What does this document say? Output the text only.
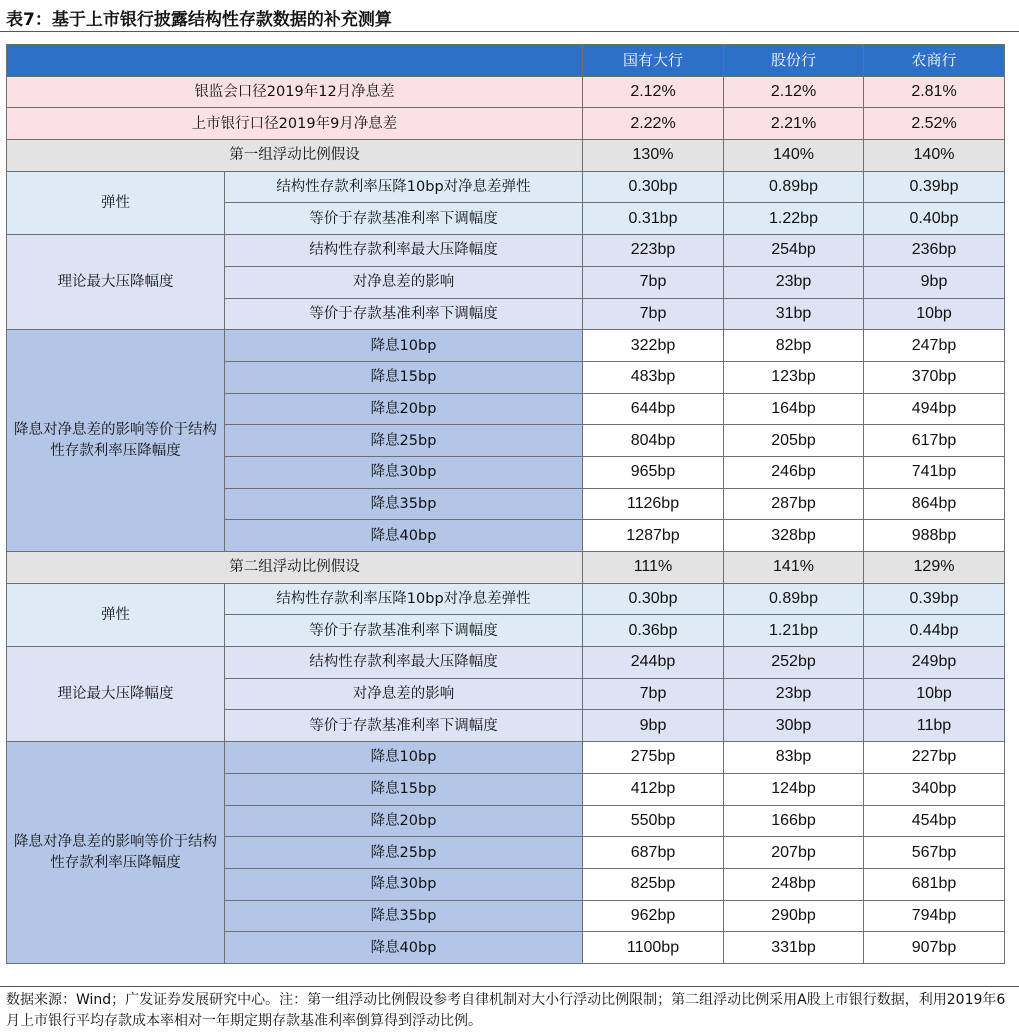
表7：基于上市银行披露结构性存款数据的补充测算
		国有大行	股份行	农商行
银监会口径2019年12月净息差		2.12%	2.12%	2.81%
上市银行口径2019年9月净息差		2.22%	2.21%	2.52%
第一组浮动比例假设		130%	140%	140%
弹性	结构性存款利率压降10bp对净息差弹性	0.30bp	0.89bp	0.39bp
	等价于存款基准利率下调幅度	0.31bp	1.22bp	0.40bp
理论最大压降幅度	结构性存款利率最大压降幅度	223bp	254bp	236bp
	对净息差的影响	7bp	23bp	9bp
	等价于存款基准利率下调幅度	7bp	31bp	10bp
降息对净息差的影响等价于结构性存款利率压降幅度	降息10bp	322bp	82bp	247bp
	降息15bp	483bp	123bp	370bp
	降息20bp	644bp	164bp	494bp
	降息25bp	804bp	205bp	617bp
	降息30bp	965bp	246bp	741bp
	降息35bp	1126bp	287bp	864bp
	降息40bp	1287bp	328bp	988bp
第二组浮动比例假设		111%	141%	129%
弹性	结构性存款利率压降10bp对净息差弹性	0.30bp	0.89bp	0.39bp
	等价于存款基准利率下调幅度	0.36bp	1.21bp	0.44bp
理论最大压降幅度	结构性存款利率最大压降幅度	244bp	252bp	249bp
	对净息差的影响	7bp	23bp	10bp
	等价于存款基准利率下调幅度	9bp	30bp	11bp
降息对净息差的影响等价于结构性存款利率压降幅度	降息10bp	275bp	83bp	227bp
	降息15bp	412bp	124bp	340bp
	降息20bp	550bp	166bp	454bp
	降息25bp	687bp	207bp	567bp
	降息30bp	825bp	248bp	681bp
	降息35bp	962bp	290bp	794bp
	降息40bp	1100bp	331bp	907bp
数据来源：Wind；广发证券发展研究中心。注：第一组浮动比例假设参考自律机制对大小行浮动比例限制；第二组浮动比例采用A股上市银行数据，利用2019年6月上市银行平均存款成本率相对一年期定期存款基准利率倒算得到浮动比例。
